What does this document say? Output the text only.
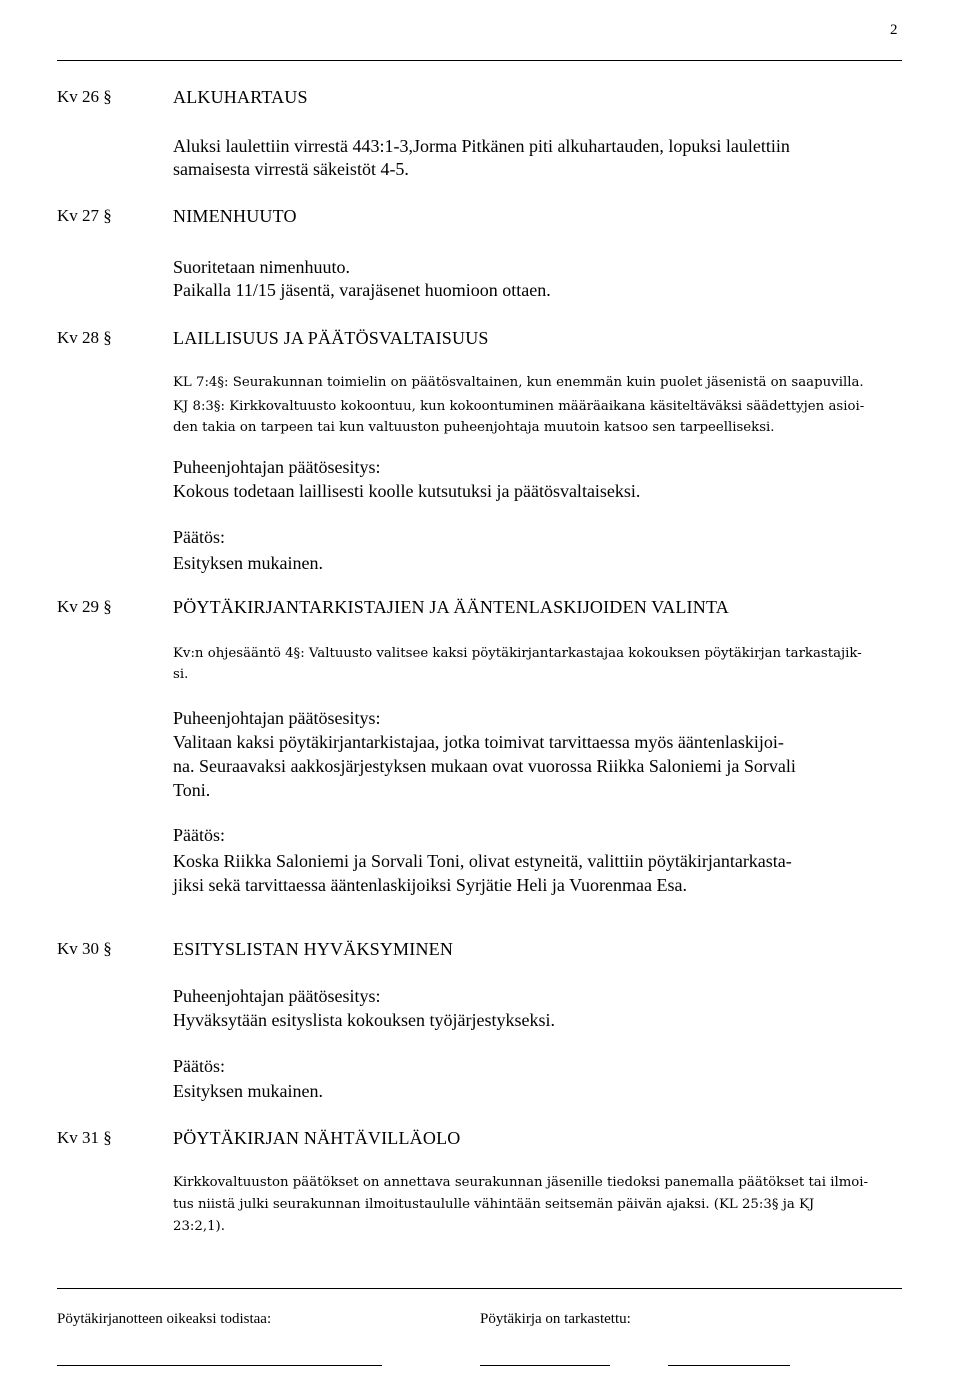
2
Kv 26 §	ALKUHARTAUS
Aluksi laulettiin virrestä 443:1-3,Jorma Pitkänen piti alkuhartauden, lopuksi laulettiin
samaisesta virrestä säkeistöt 4-5.
Kv 27 §	NIMENHUUTO
Suoritetaan nimenhuuto.
Paikalla 11/15 jäsentä, varajäsenet huomioon ottaen.
Kv 28 §	LAILLISUUS JA PÄÄTÖSVALTAISUUS
KL 7:4§: Seurakunnan toimielin on päätösvaltainen, kun enemmän kuin puolet jäsenistä on saapuvilla.
KJ 8:3§: Kirkkovaltuusto kokoontuu, kun kokoontuminen määräaikana käsiteltäväksi säädettyjen asioi-
den takia on tarpeen tai kun valtuuston puheenjohtaja muutoin katsoo sen tarpeelliseksi.
Puheenjohtajan päätösesitys:
Kokous todetaan laillisesti koolle kutsutuksi ja päätösvaltaiseksi.
Päätös:
Esityksen mukainen.
Kv 29 §	PÖYTÄKIRJANTARKISTAJIEN JA ÄÄNTENLASKIJOIDEN VALINTA
Kv:n ohjesääntö 4§: Valtuusto valitsee kaksi pöytäkirjantarkastajaa kokouksen pöytäkirjan tarkastajik-
si.
Puheenjohtajan päätösesitys:
Valitaan kaksi pöytäkirjantarkistajaa, jotka toimivat tarvittaessa myös ääntenlaskijoi-
na. Seuraavaksi aakkosjärjestyksen mukaan ovat vuorossa Riikka Saloniemi ja Sorvali
Toni.
Päätös:
Koska Riikka Saloniemi ja Sorvali Toni, olivat estyneitä, valittiin pöytäkirjantarkasta-
jiksi sekä tarvittaessa ääntenlaskijoiksi Syrjätie Heli ja Vuorenmaa Esa.
Kv 30 §	ESITYSLISTAN HYVÄKSYMINEN
Puheenjohtajan päätösesitys:
Hyväksytään esityslista kokouksen työjärjestykseksi.
Päätös:
Esityksen mukainen.
Kv 31 §	PÖYTÄKIRJAN NÄHTÄVILLÄOLO
Kirkkovaltuuston päätökset on annettava seurakunnan jäsenille tiedoksi panemalla päätökset tai ilmoi-
tus niistä julki seurakunnan ilmoitustaululle vähintään seitsemän päivän ajaksi. (KL 25:3§ ja KJ
23:2,1).
Pöytäkirjanotteen oikeaksi todistaa:	Pöytäkirja on tarkastettu:
